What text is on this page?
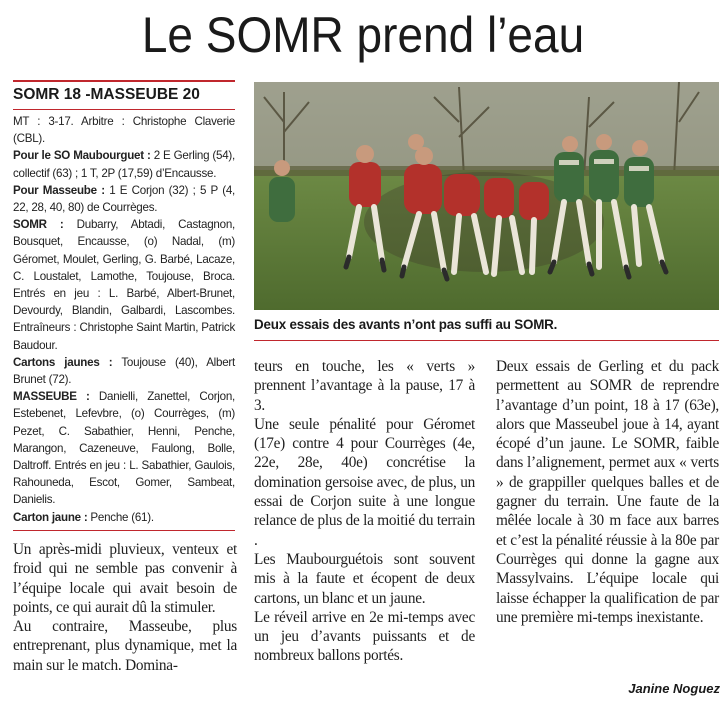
Le SOMR prend l’eau
SOMR 18 -MASSEUBE 20

MT : 3-17. Arbitre : Christophe Claverie (CBL).

Pour le SO Maubourguet : 2 E Gerling (54), collectif (63) ; 1 T, 2P (17,59) d’Encausse.

Pour Masseube : 1 E Corjon (32) ; 5 P (4, 22, 28, 40, 80) de Courrèges.

SOMR : Dubarry, Abtadi, Castagnon, Bousquet, Encausse, (o) Nadal, (m) Géromet, Moulet, Gerling, G. Barbé, Lacaze, C. Loustalet, Lamothe, Toujouse, Broca. Entrés en jeu : L. Barbé, Albert-Brunet, Devourdy, Blandin, Galbardi, Lascombes. Entraîneurs : Christophe Saint Martin, Patrick Baudour.

Cartons jaunes : Toujouse (40), Albert Brunet (72).

MASSEUBE : Danielli, Zanettel, Corjon, Estebenet, Lefevbre, (o) Courrèges, (m) Pezet, C. Sabathier, Henni, Penche, Marangon, Cazeneuve, Faulong, Bolle, Daltroff. Entrés en jeu : L. Sabathier, Gaulois, Rahouneda, Escot, Gomer, Sambeat, Danielis.

Carton jaune : Penche (61).

Deux essais des avants n’ont pas suffi au SOMR.

Un après-midi pluvieux, venteux et froid qui ne semble pas convenir à l’équipe locale qui avait besoin de points, ce qui aurait dû la stimuler.

Au contraire, Masseube, plus entreprenant, plus dynamique, met la main sur le match. Domina-

teurs en touche, les « verts » prennent l’avantage à la pause, 17 à 3.

Une seule pénalité pour Géromet (17e) contre 4 pour Courrèges (4e, 22e, 28e, 40e) concrétise la domination gersoise avec, de plus, un essai de Corjon suite à une longue relance de plus de la moitié du terrain .

Les Maubourguétois sont souvent mis à la faute et écopent de deux cartons, un blanc et un jaune.

Le réveil arrive en 2e mi-temps avec un jeu d’avants puissants et de nombreux ballons portés.

Deux essais de Gerling et du pack permettent au SOMR de reprendre l’avantage d’un point, 18 à 17 (63e), alors que Masseubel joue à 14, ayant écopé d’un jaune. Le SOMR, faible dans l’alignement, permet aux « verts » de grappiller quelques balles et de gagner du terrain. Une faute de la mêlée locale à 30 m face aux barres et c’est la pénalité réussie à la 80e par Courrèges qui donne la gagne aux Massylvains. L’équipe locale qui laisse échapper la qualification de par une première mi-temps inexistante.

Janine Noguez
